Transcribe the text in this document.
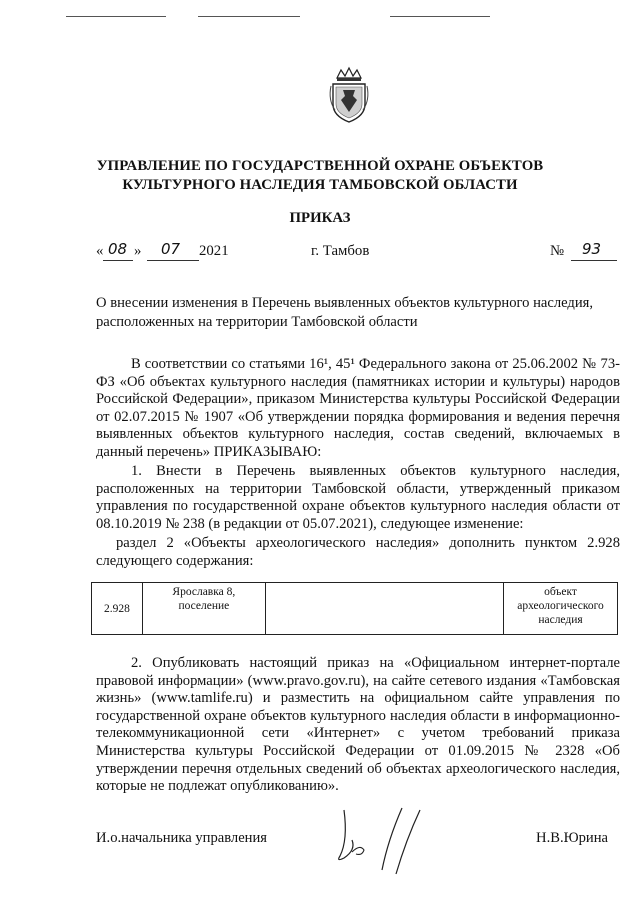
УПРАВЛЕНИЕ ПО ГОСУДАРСТВЕННОЙ ОХРАНЕ ОБЪЕКТОВ
КУЛЬТУРНОГО НАСЛЕДИЯ ТАМБОВСКОЙ ОБЛАСТИ
ПРИКАЗ
« 08 » 07 2021	г. Тамбов	№ 93
О внесении изменения в Перечень выявленных объектов культурного наследия,
расположенных на территории Тамбовской области
В соответствии со статьями 16¹, 45¹ Федерального закона от 25.06.2002 № 73-ФЗ «Об объектах культурного наследия (памятниках истории и культуры) народов Российской Федерации», приказом Министерства культуры Российской Федерации от 02.07.2015 № 1907 «Об утверждении порядка формирования и ведения перечня выявленных объектов культурного наследия, состав сведений, включаемых в данный перечень» ПРИКАЗЫВАЮ:
1. Внести в Перечень выявленных объектов культурного наследия, расположенных на территории Тамбовской области, утвержденный приказом управления по государственной охране объектов культурного наследия области от 08.10.2019 № 238 (в редакции от 05.07.2021), следующее изменение:
раздел 2 «Объекты археологического наследия» дополнить пунктом 2.928 следующего содержания:
2.928	Ярославка 8, поселение		объект археологического наследия
2. Опубликовать настоящий приказ на «Официальном интернет-портале правовой информации» (www.pravo.gov.ru), на сайте сетевого издания «Тамбовская жизнь» (www.tamlife.ru) и разместить на официальном сайте управления по государственной охране объектов культурного наследия области в информационно-телекоммуникационной сети «Интернет» с учетом требований приказа Министерства культуры Российской Федерации от 01.09.2015 № 2328 «Об утверждении перечня отдельных сведений об объектах археологического наследия, которые не подлежат опубликованию».
И.о.начальника управления	Н.В.Юрина
